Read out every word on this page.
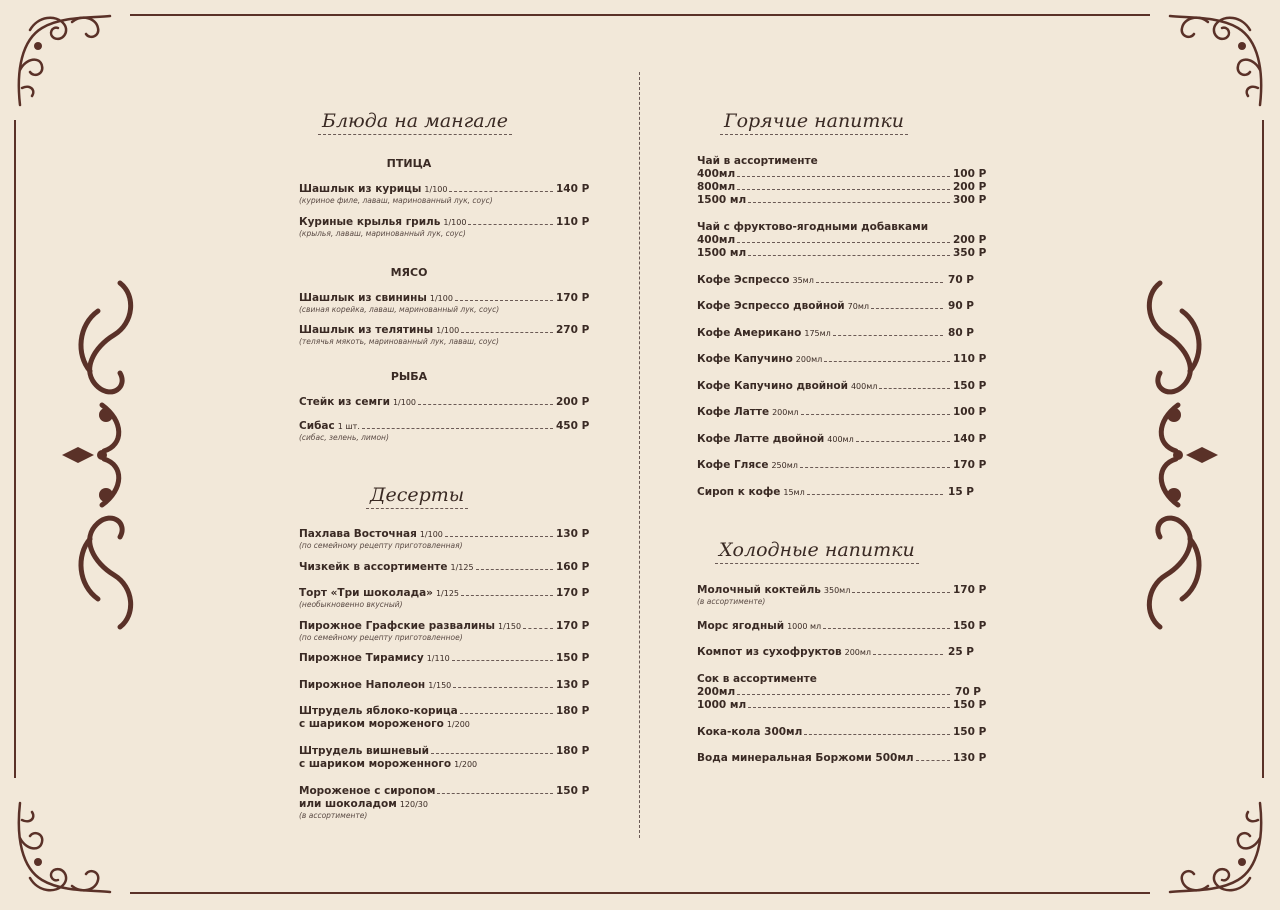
Блюда на мангале
ПТИЦА
Шашлык из курицы 1/100	140 Р
(куриное филе, лаваш, маринованный лук, соус)
Куриные крылья гриль 1/100	110 Р
(крылья, лаваш, маринованный лук, соус)
МЯСО
Шашлык из свинины 1/100	170 Р
(свиная корейка, лаваш, маринованный лук, соус)
Шашлык из телятины 1/100	270 Р
(телячья мякоть, маринованный лук, лаваш, соус)
РЫБА
Стейк из семги 1/100	200 Р
Сибас 1 шт.	450 Р
(сибас, зелень, лимон)
Десерты
Пахлава Восточная 1/100	130 Р
(по семейному рецепту приготовленная)
Чизкейк в ассортименте 1/125	160 Р
Торт «Три шоколада» 1/125	170 Р
(необыкновенно вкусный)
Пирожное Графские развалины 1/150	170 Р
(по семейному рецепту приготовленное)
Пирожное Тирамису 1/110	150 Р
Пирожное Наполеон 1/150	130 Р
Штрудель яблоко-корица	180 Р
с шариком мороженого 1/200
Штрудель вишневый	180 Р
с шариком мороженного 1/200
Мороженое с сиропом	150 Р
или шоколадом 120/30
(в ассортименте)
Горячие напитки
Чай в ассортименте
400мл	100 Р
800мл	200 Р
1500 мл	300 Р
Чай с фруктово-ягодными добавками
400мл	200 Р
1500 мл	350 Р
Кофе Эспрессо 35мл	70 Р
Кофе Эспрессо двойной 70мл	90 Р
Кофе Американо 175мл	80 Р
Кофе Капучино 200мл	110 Р
Кофе Капучино двойной 400мл	150 Р
Кофе Латте 200мл	100 Р
Кофе Латте двойной 400мл	140 Р
Кофе Глясе 250мл	170 Р
Сироп к кофе 15мл	15 Р
Холодные напитки
Молочный коктейль 350мл	170 Р
(в ассортименте)
Морс ягодный 1000 мл	150 Р
Компот из сухофруктов 200мл	25 Р
Сок в ассортименте
200мл	70 Р
1000 мл	150 Р
Кока-кола 300мл	150 Р
Вода минеральная Боржоми 500мл	130 Р
